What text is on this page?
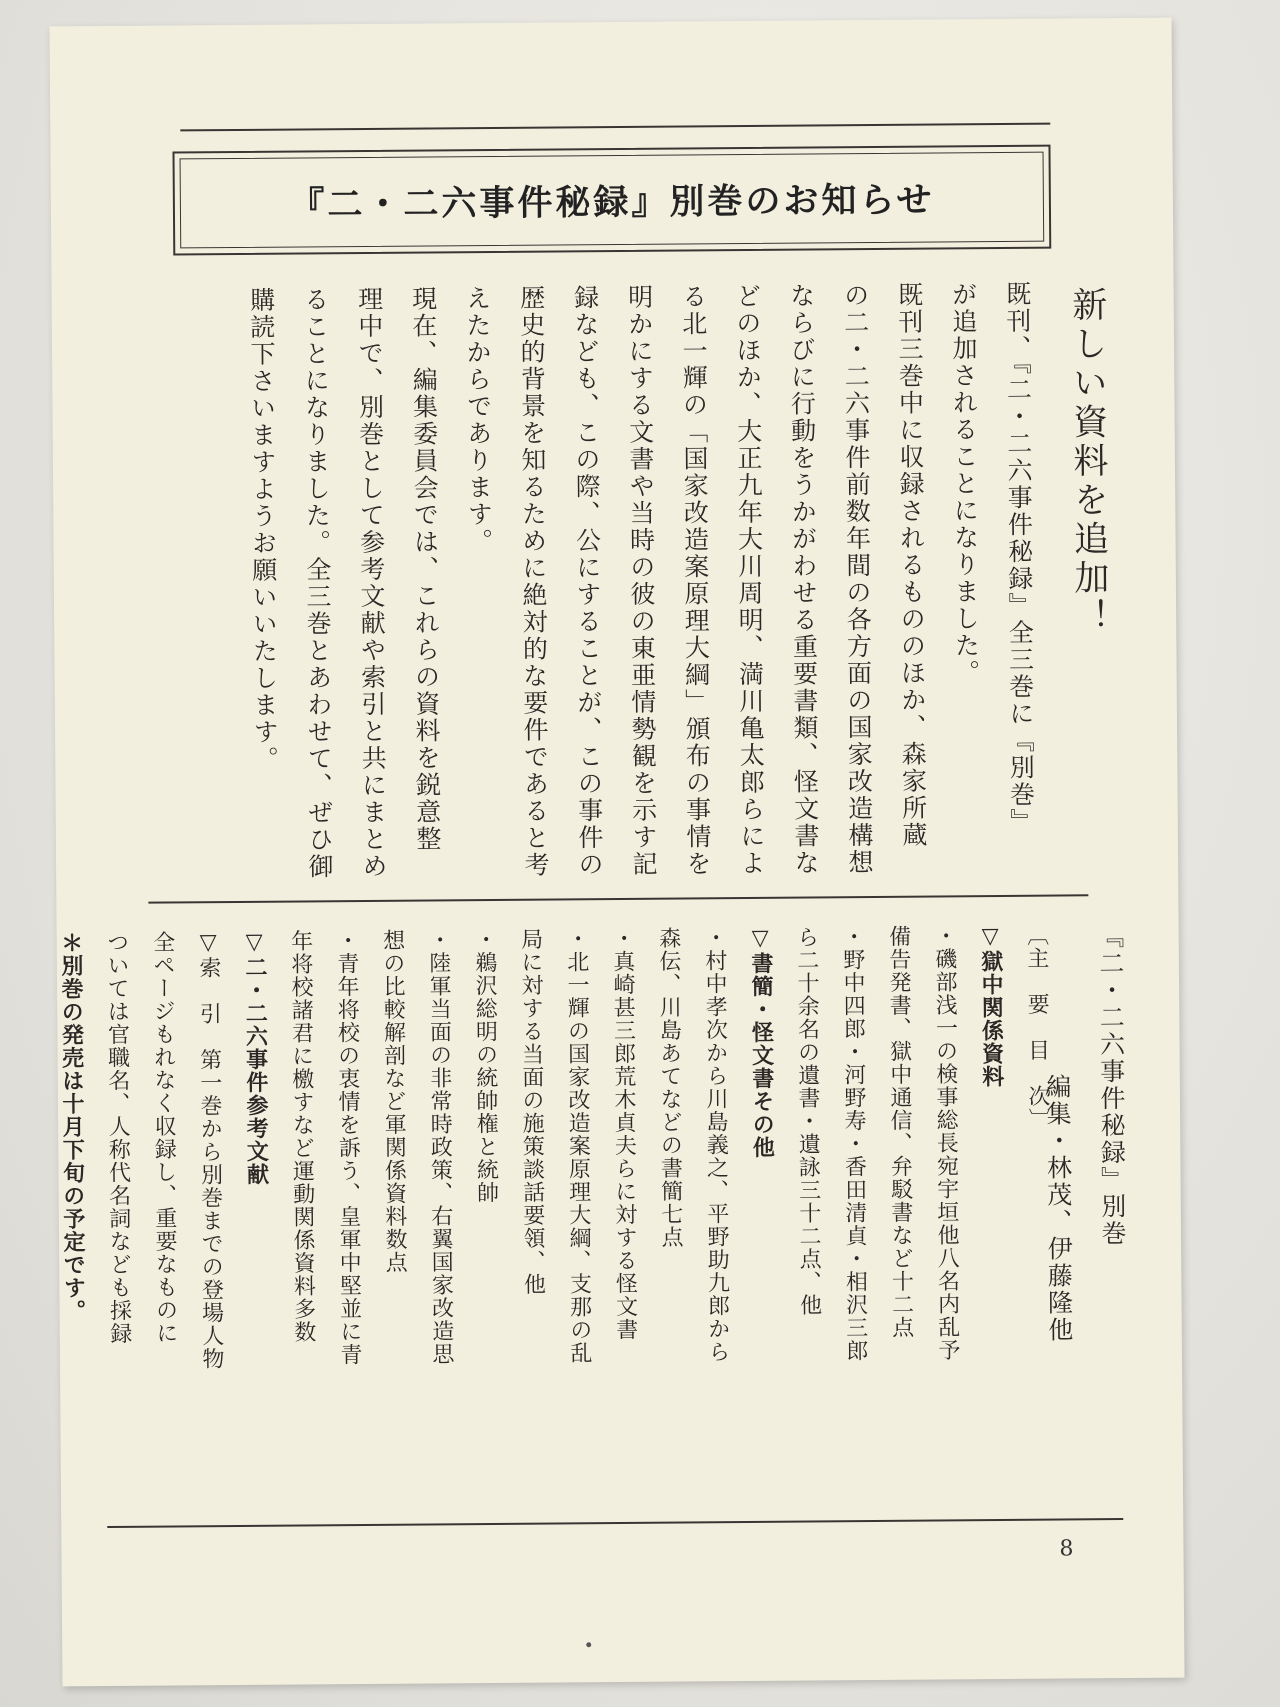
『二・二六事件秘録』別巻のお知らせ
新しい資料を追加！
既刊、『二・二六事件秘録』全三巻に『別巻』
が追加されることになりました。
既刊三巻中に収録されるもののほか、森家所蔵
の二・二六事件前数年間の各方面の国家改造構想
ならびに行動をうかがわせる重要書類、怪文書な
どのほか、大正九年大川周明、満川亀太郎らによ
る北一輝の「国家改造案原理大綱」頒布の事情を
明かにする文書や当時の彼の東亜情勢観を示す記
録なども、この際、公にすることが、この事件の
歴史的背景を知るために絶対的な要件であると考
えたからであります。
現在、編集委員会では、これらの資料を鋭意整
理中で、別巻として参考文献や索引と共にまとめ
ることになりました。全三巻とあわせて、ぜひ御
購読下さいますようお願いいたします。
『二・二六事件秘録』別巻
編集・林茂、伊藤隆他
〔主　要　目　次〕
▽獄中関係資料
・磯部浅一の検事総長宛宇垣他八名内乱予
備告発書、獄中通信、弁駁書など十二点
・野中四郎・河野寿・香田清貞・相沢三郎
ら二十余名の遺書・遺詠三十二点、他
▽書簡・怪文書その他
・村中孝次から川島義之、平野助九郎から
森伝、川島あてなどの書簡七点
・真崎甚三郎荒木貞夫らに対する怪文書
・北一輝の国家改造案原理大綱、支那の乱
局に対する当面の施策談話要領、他
・鵜沢総明の統帥権と統帥
・陸軍当面の非常時政策、右翼国家改造思
想の比較解剖など軍関係資料数点
・青年将校の衷情を訴う、皇軍中堅並に青
年将校諸君に檄すなど運動関係資料多数
▽二・二六事件参考文献
▽索　引　第一巻から別巻までの登場人物
全ページもれなく収録し、重要なものに
ついては官職名、人称代名詞なども採録
＊別巻の発売は十月下旬の予定です。
8
